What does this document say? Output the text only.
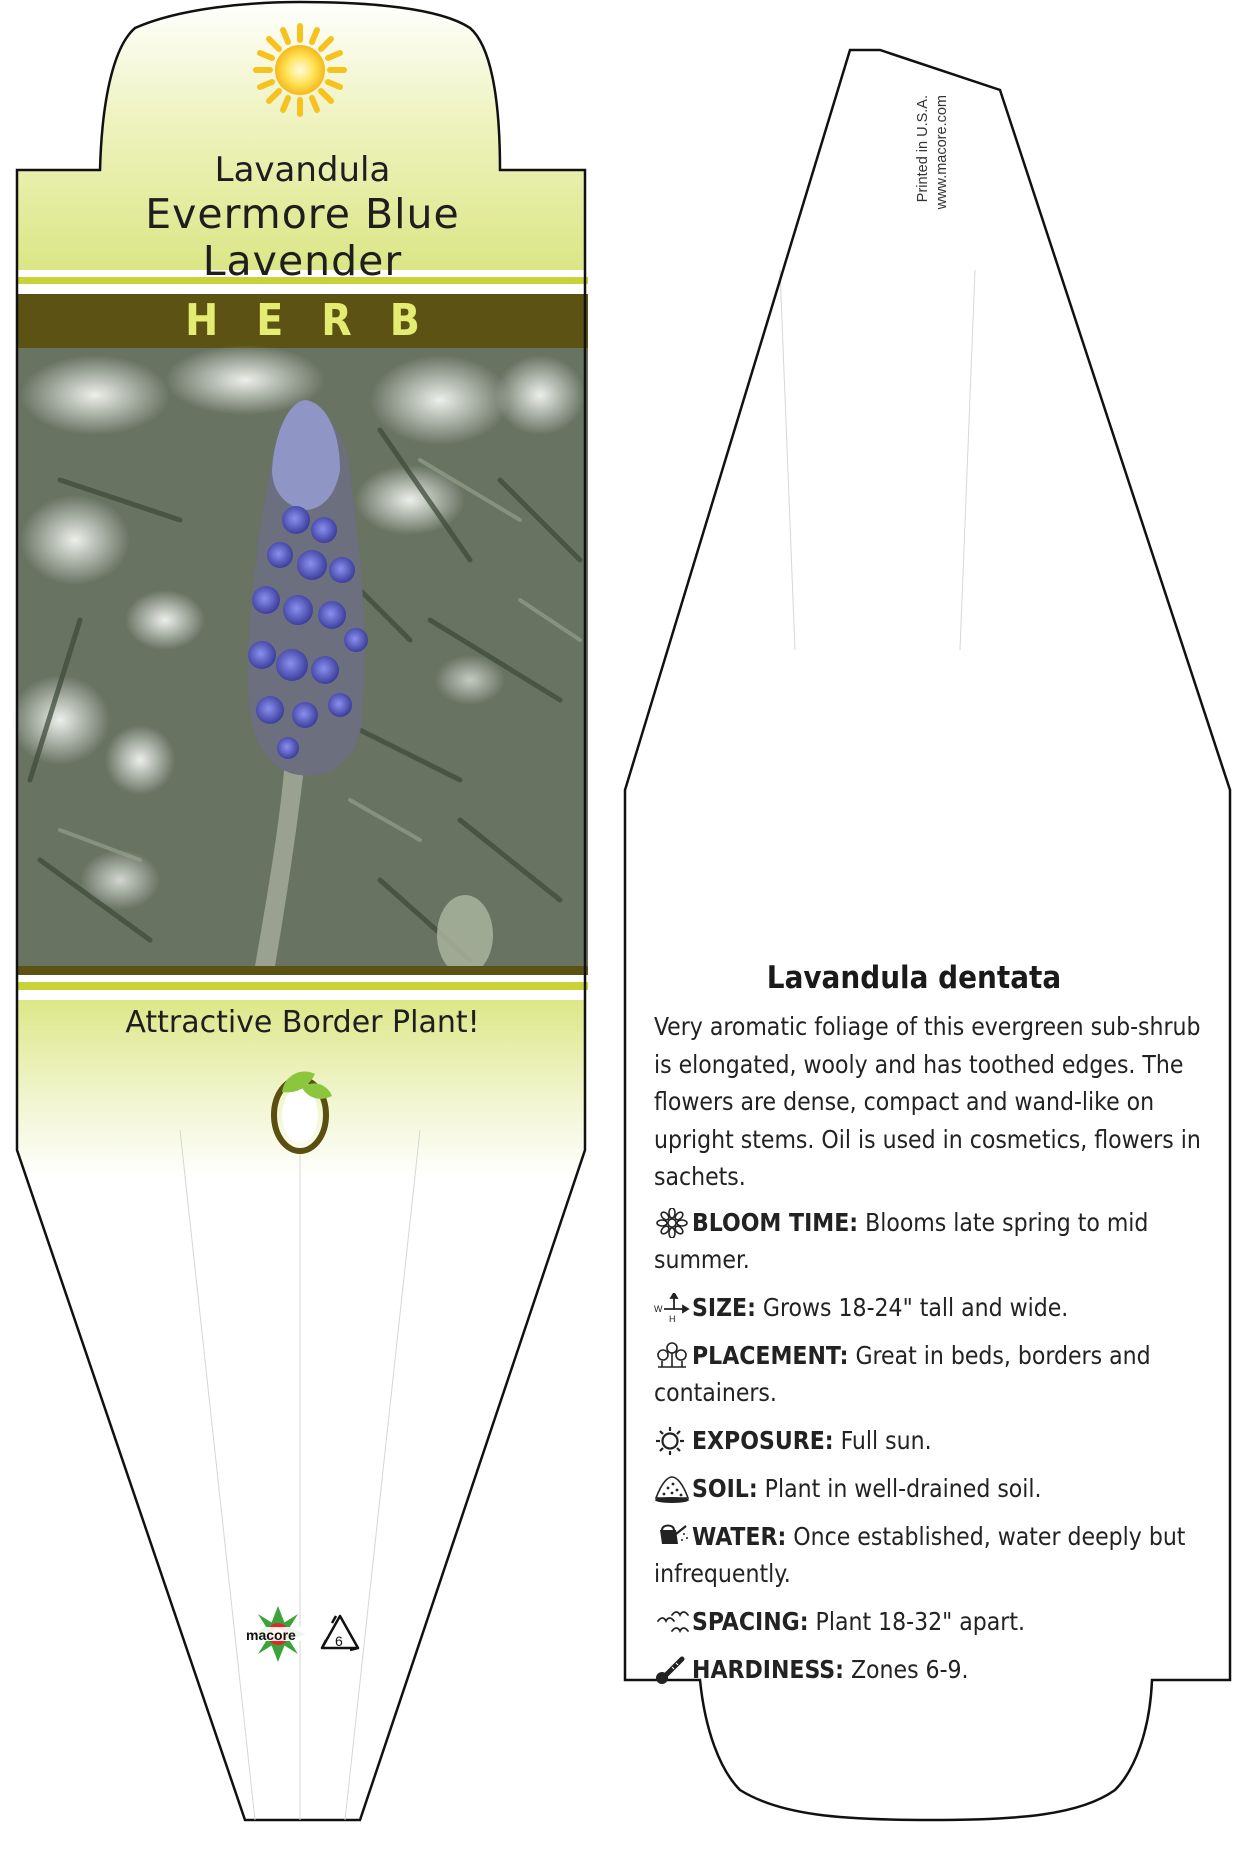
macore	6
Lavandula
Evermore Blue
Lavender
HERB
Attractive Border Plant!
Printed in U.S.A. www.macore.com
Lavandula dentata
Very aromatic foliage of this evergreen sub-shrub is elongated, wooly and has toothed edges. The flowers are dense, compact and wand-like on upright stems. Oil is used in cosmetics, flowers in sachets.
BLOOM TIME: Blooms late spring to mid summer.
W
H SIZE: Grows 18-24" tall and wide.
PLACEMENT: Great in beds, borders and containers.
EXPOSURE: Full sun.
SOIL: Plant in well-drained soil.
WATER: Once established, water deeply but infrequently.
SPACING: Plant 18-32" apart.
HARDINESS: Zones 6-9.
